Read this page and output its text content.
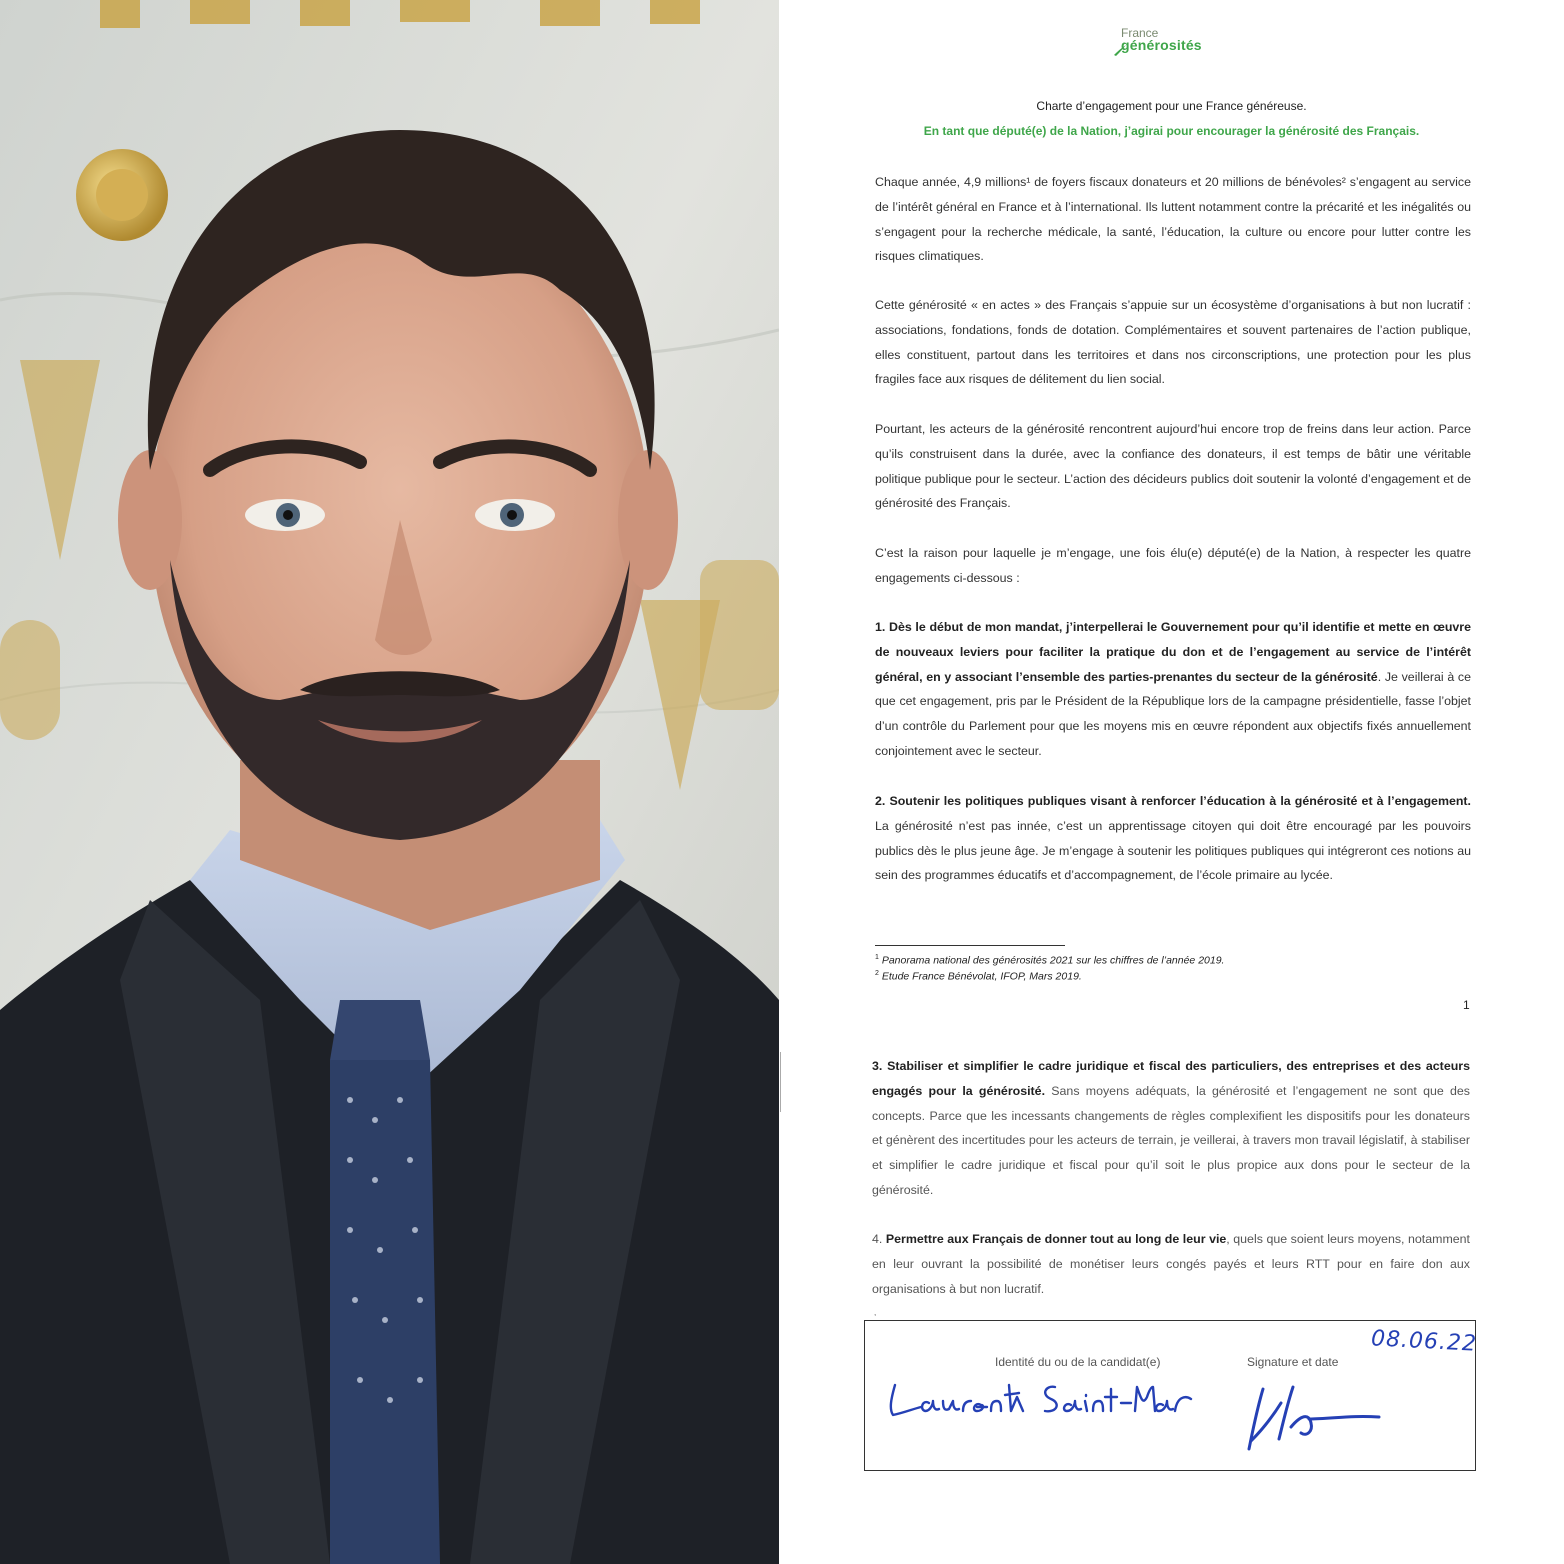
France
générosités
Charte d’engagement pour une France généreuse.
En tant que député(e) de la Nation, j’agirai pour encourager la générosité des Français.

Chaque année, 4,9 millions¹ de foyers fiscaux donateurs et 20 millions de bénévoles² s’engagent au service de l’intérêt général en France et à l’international. Ils luttent notamment contre la précarité et les inégalités ou s’engagent pour la recherche médicale, la santé, l’éducation, la culture ou encore pour lutter contre les risques climatiques.

Cette générosité « en actes » des Français s’appuie sur un écosystème d’organisations à but non lucratif : associations, fondations, fonds de dotation. Complémentaires et souvent partenaires de l’action publique, elles constituent, partout dans les territoires et dans nos circonscriptions, une protection pour les plus fragiles face aux risques de délitement du lien social.

Pourtant, les acteurs de la générosité rencontrent aujourd’hui encore trop de freins dans leur action. Parce qu’ils construisent dans la durée, avec la confiance des donateurs, il est temps de bâtir une véritable politique publique pour le secteur. L’action des décideurs publics doit soutenir la volonté d’engagement et de générosité des Français.

C’est la raison pour laquelle je m’engage, une fois élu(e) député(e) de la Nation, à respecter les quatre engagements ci-dessous :

1. Dès le début de mon mandat, j’interpellerai le Gouvernement pour qu’il identifie et mette en œuvre de nouveaux leviers pour faciliter la pratique du don et de l’engagement au service de l’intérêt général, en y associant l’ensemble des parties-prenantes du secteur de la générosité. Je veillerai à ce que cet engagement, pris par le Président de la République lors de la campagne présidentielle, fasse l’objet d’un contrôle du Parlement pour que les moyens mis en œuvre répondent aux objectifs fixés annuellement conjointement avec le secteur.

2. Soutenir les politiques publiques visant à renforcer l’éducation à la générosité et à l’engagement. La générosité n’est pas innée, c’est un apprentissage citoyen qui doit être encouragé par les pouvoirs publics dès le plus jeune âge. Je m’engage à soutenir les politiques publiques qui intégreront ces notions au sein des programmes éducatifs et d’accompagnement, de l’école primaire au lycée.

$^1$ Panorama national des générosités 2021 sur les chiffres de l’année 2019.
$^2$ Etude France Bénévolat, IFOP, Mars 2019.
1

3. Stabiliser et simplifier le cadre juridique et fiscal des particuliers, des entreprises et des acteurs engagés pour la générosité. Sans moyens adéquats, la générosité et l’engagement ne sont que des concepts. Parce que les incessants changements de règles complexifient les dispositifs pour les donateurs et génèrent des incertitudes pour les acteurs de terrain, je veillerai, à travers mon travail législatif, à stabiliser et simplifier le cadre juridique et fiscal pour qu’il soit le plus propice aux dons pour le secteur de la générosité.

4. Permettre aux Français de donner tout au long de leur vie, quels que soient leurs moyens, notamment en leur ouvrant la possibilité de monétiser leurs congés payés et leurs RTT pour en faire don aux organisations à but non lucratif.

,
Identité du ou de la candidat(e)	Signature et date
08.06.22
